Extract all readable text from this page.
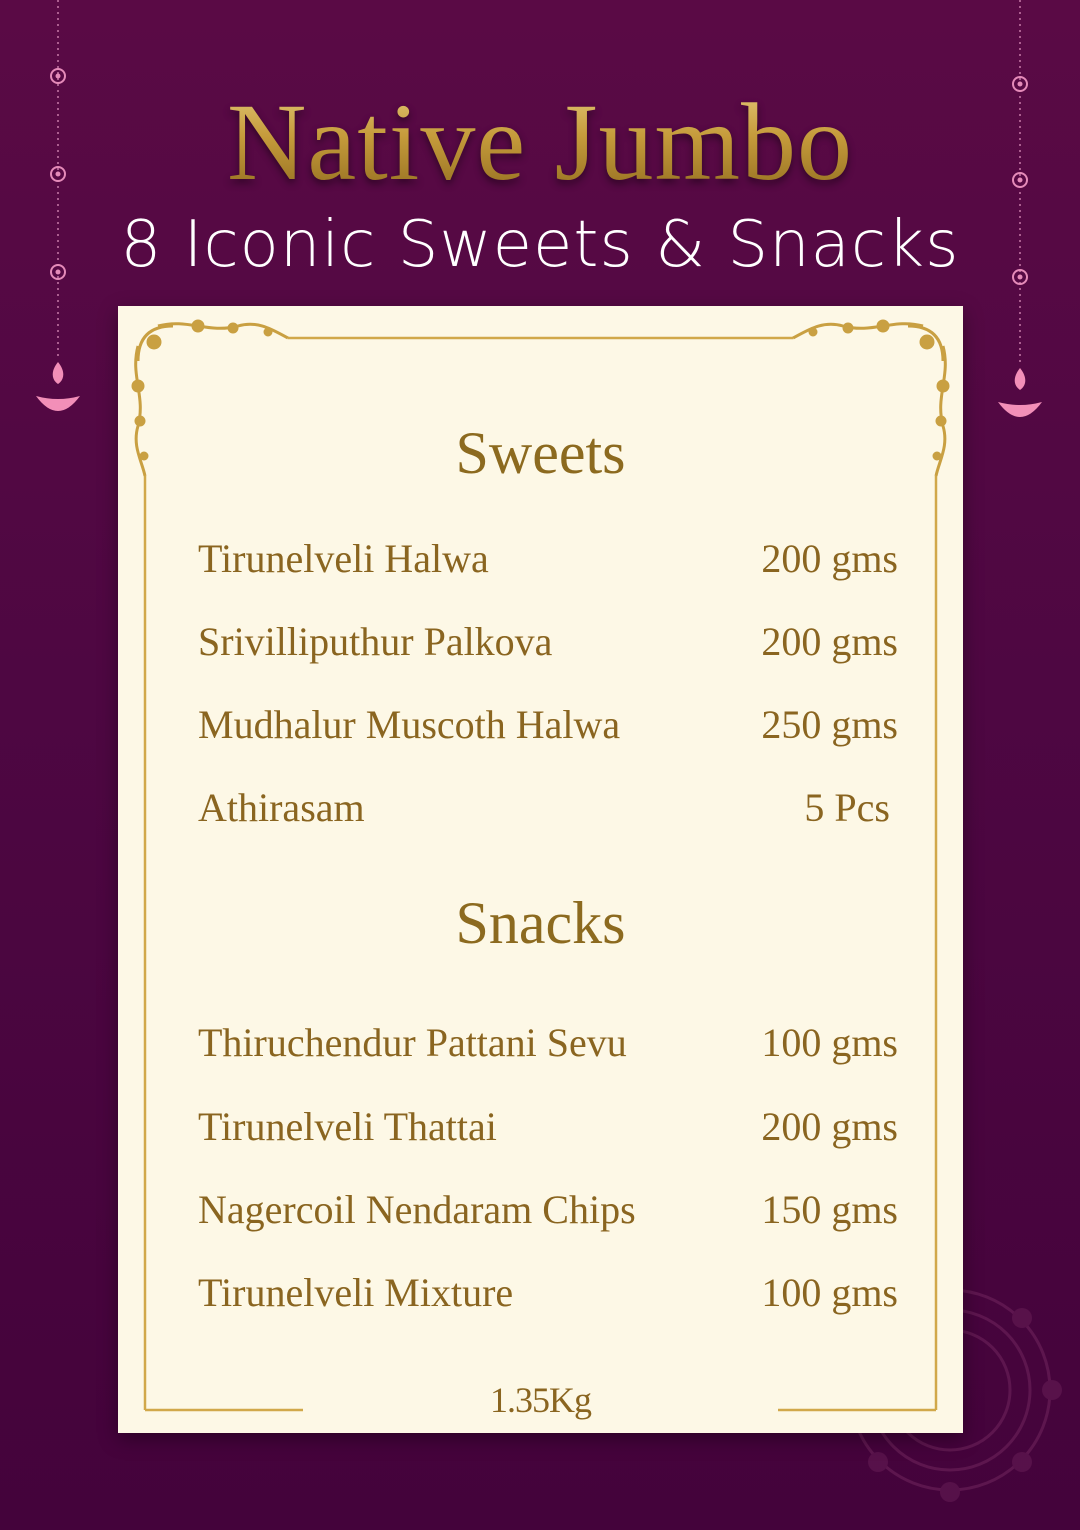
Native Jumbo
8 Iconic Sweets & Snacks
Sweets
Tirunelveli Halwa	200 gms
Srivilliputhur Palkova	200 gms
Mudhalur Muscoth Halwa	250 gms
Athirasam	5 Pcs
Snacks
Thiruchendur Pattani Sevu	100 gms
Tirunelveli Thattai	200 gms
Nagercoil Nendaram Chips	150 gms
Tirunelveli Mixture	100 gms
1.35Kg
